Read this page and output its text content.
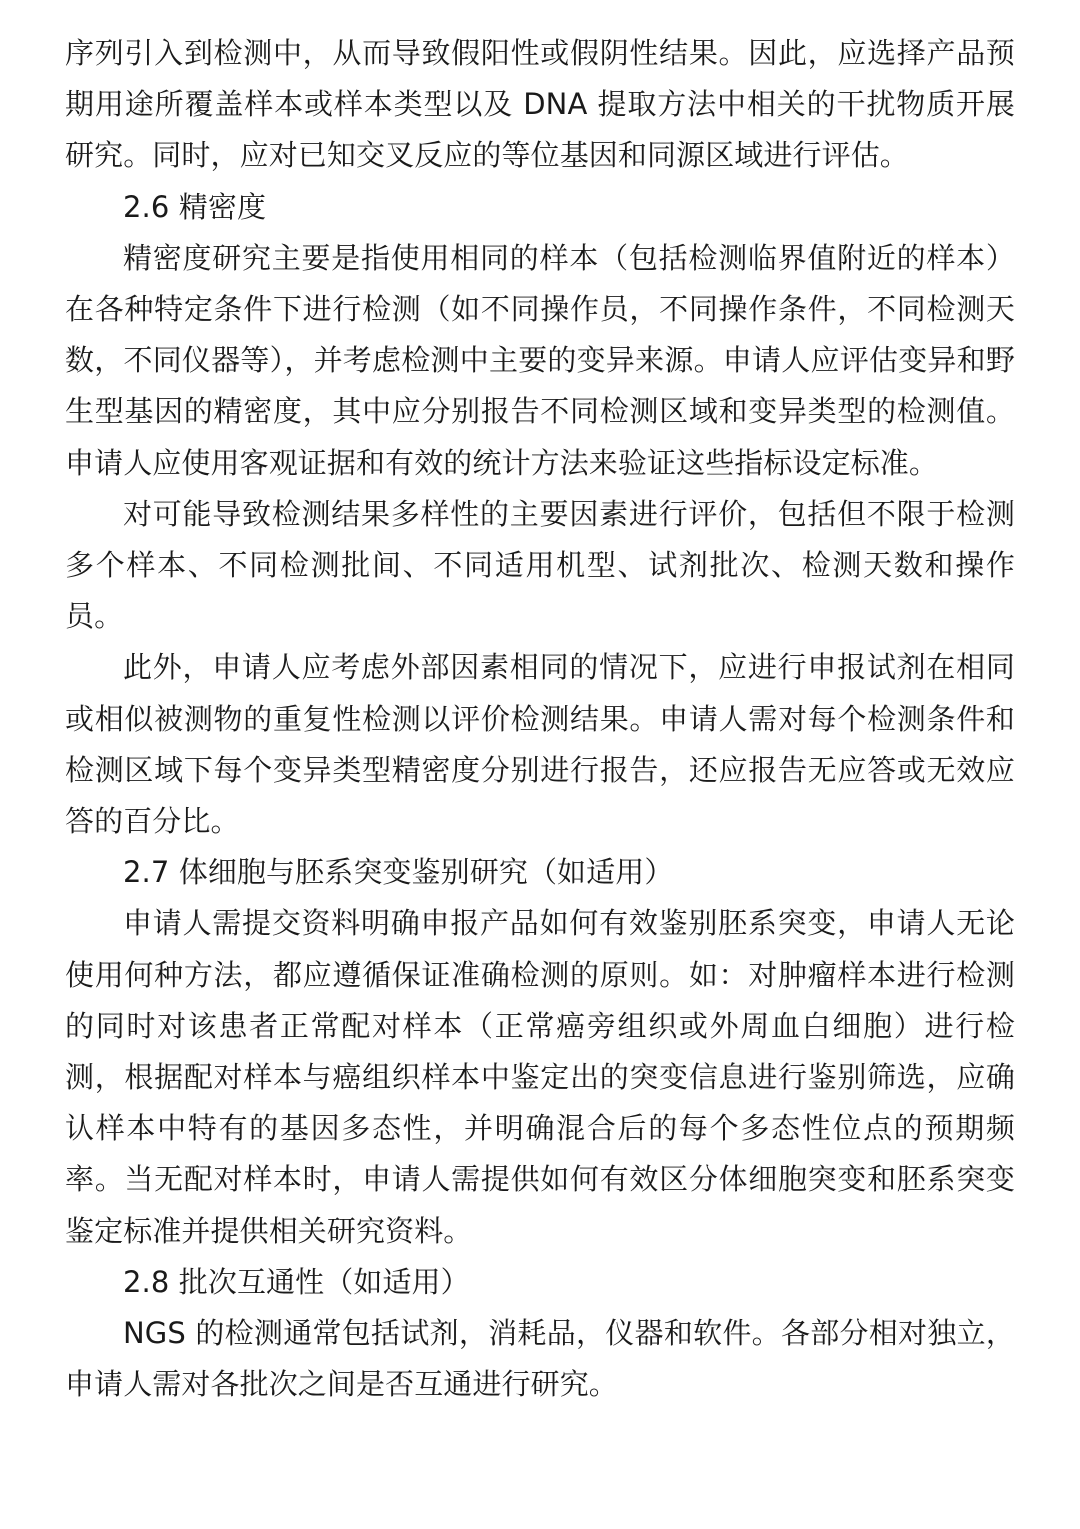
序列引入到检测中，从而导致假阳性或假阴性结果。因此，应选择产品预期用途所覆盖样本或样本类型以及 DNA 提取方法中相关的干扰物质开展研究。同时，应对已知交叉反应的等位基因和同源区域进行评估。

2.6 精密度

精密度研究主要是指使用相同的样本（包括检测临界值附近的样本）在各种特定条件下进行检测（如不同操作员，不同操作条件，不同检测天数，不同仪器等），并考虑检测中主要的变异来源。申请人应评估变异和野生型基因的精密度，其中应分别报告不同检测区域和变异类型的检测值。申请人应使用客观证据和有效的统计方法来验证这些指标设定标准。

对可能导致检测结果多样性的主要因素进行评价，包括但不限于检测多个样本、不同检测批间、不同适用机型、试剂批次、检测天数和操作员。

此外，申请人应考虑外部因素相同的情况下，应进行申报试剂在相同或相似被测物的重复性检测以评价检测结果。申请人需对每个检测条件和检测区域下每个变异类型精密度分别进行报告，还应报告无应答或无效应答的百分比。

2.7 体细胞与胚系突变鉴别研究（如适用）

申请人需提交资料明确申报产品如何有效鉴别胚系突变，申请人无论使用何种方法，都应遵循保证准确检测的原则。如：对肿瘤样本进行检测的同时对该患者正常配对样本（正常癌旁组织或外周血白细胞）进行检测，根据配对样本与癌组织样本中鉴定出的突变信息进行鉴别筛选，应确认样本中特有的基因多态性，并明确混合后的每个多态性位点的预期频率。当无配对样本时，申请人需提供如何有效区分体细胞突变和胚系突变鉴定标准并提供相关研究资料。

2.8 批次互通性（如适用）

NGS 的检测通常包括试剂，消耗品，仪器和软件。各部分相对独立，申请人需对各批次之间是否互通进行研究。
